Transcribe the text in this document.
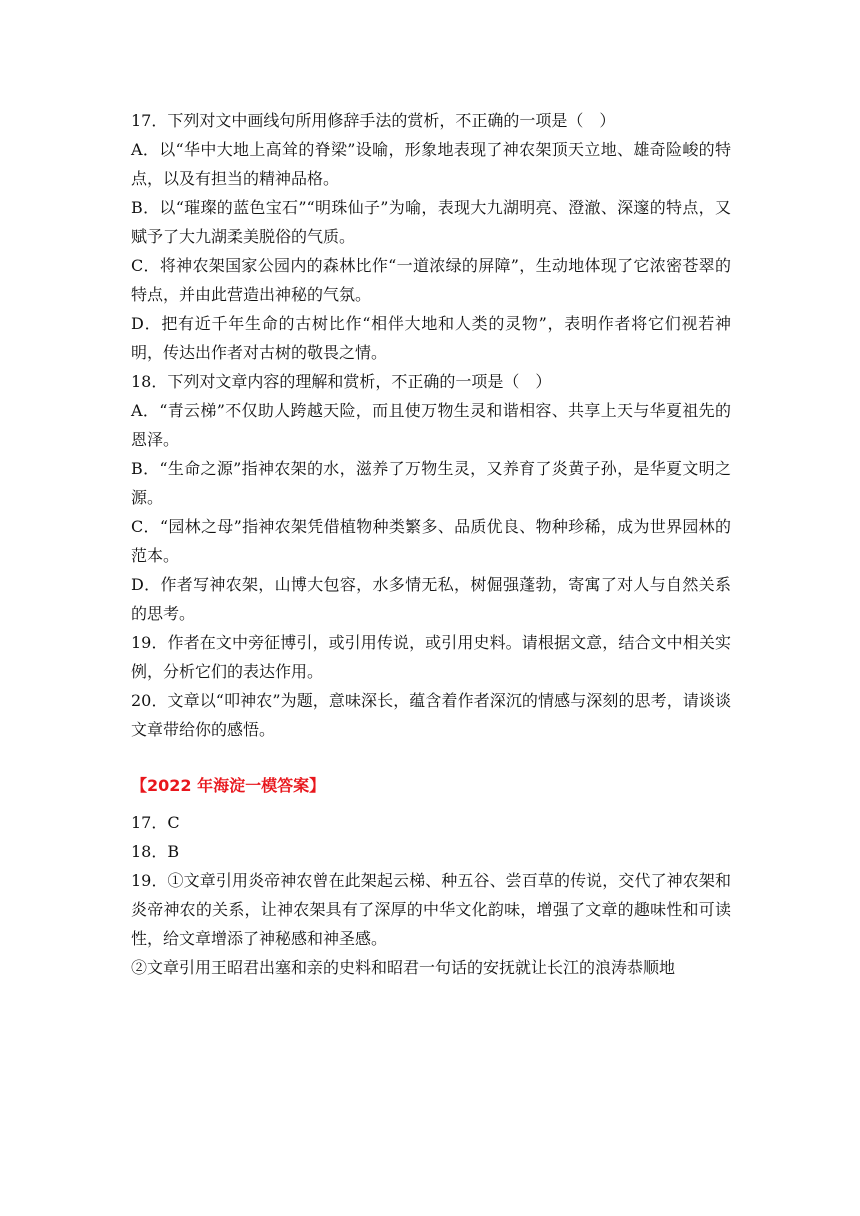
17．下列对文中画线句所用修辞手法的赏析，不正确的一项是（　）

A．以“华中大地上高耸的脊梁”设喻，形象地表现了神农架顶天立地、雄奇险峻的特点，以及有担当的精神品格。

B．以“璀璨的蓝色宝石”“明珠仙子”为喻，表现大九湖明亮、澄澈、深邃的特点，又赋予了大九湖柔美脱俗的气质。

C．将神农架国家公园内的森林比作“一道浓绿的屏障”，生动地体现了它浓密苍翠的特点，并由此营造出神秘的气氛。

D．把有近千年生命的古树比作“相伴大地和人类的灵物”，表明作者将它们视若神明，传达出作者对古树的敬畏之情。

18．下列对文章内容的理解和赏析，不正确的一项是（　）

A．“青云梯”不仅助人跨越天险，而且使万物生灵和谐相容、共享上天与华夏祖先的恩泽。

B．“生命之源”指神农架的水，滋养了万物生灵，又养育了炎黄子孙，是华夏文明之源。

C．“园林之母”指神农架凭借植物种类繁多、品质优良、物种珍稀，成为世界园林的范本。

D．作者写神农架，山博大包容，水多情无私，树倔强蓬勃，寄寓了对人与自然关系的思考。

19．作者在文中旁征博引，或引用传说，或引用史料。请根据文意，结合文中相关实例，分析它们的表达作用。

20．文章以“叩神农”为题，意味深长，蕴含着作者深沉的情感与深刻的思考，请谈谈文章带给你的感悟。

【2022 年海淀一模答案】

17．C

18．B

19．①文章引用炎帝神农曾在此架起云梯、种五谷、尝百草的传说，交代了神农架和炎帝神农的关系，让神农架具有了深厚的中华文化韵味，增强了文章的趣味性和可读性，给文章增添了神秘感和神圣感。

②文章引用王昭君出塞和亲的史料和昭君一句话的安抚就让长江的浪涛恭顺地
